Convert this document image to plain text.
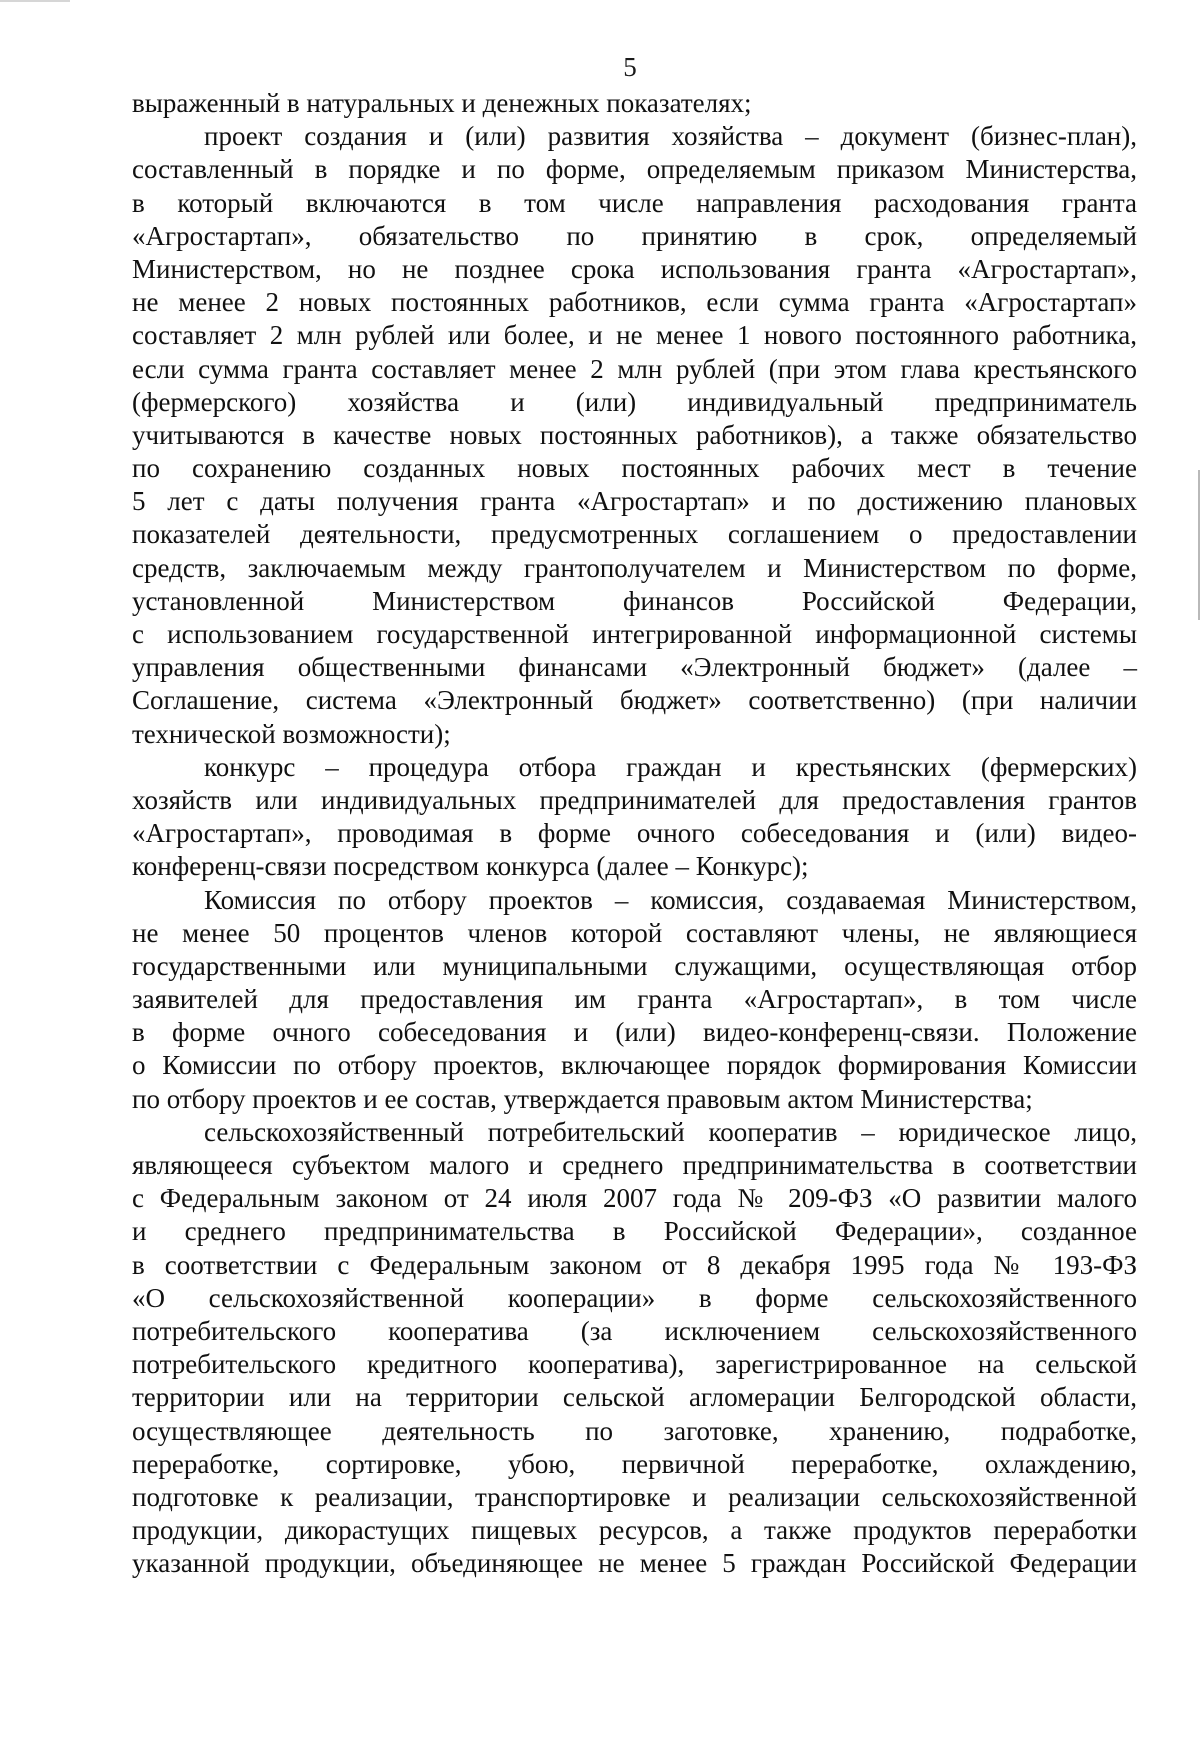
5
выраженный в натуральных и денежных показателях;
проект создания и (или) развития хозяйства – документ (бизнес-план),
составленный в порядке и по форме, определяемым приказом Министерства,
в который включаются в том числе направления расходования гранта
«Агростартап», обязательство по принятию в срок, определяемый
Министерством, но не позднее срока использования гранта «Агростартап»,
не менее 2 новых постоянных работников, если сумма гранта «Агростартап»
составляет 2 млн рублей или более, и не менее 1 нового постоянного работника,
если сумма гранта составляет менее 2 млн рублей (при этом глава крестьянского
(фермерского) хозяйства и (или) индивидуальный предприниматель
учитываются в качестве новых постоянных работников), а также обязательство
по сохранению созданных новых постоянных рабочих мест в течение
5 лет с даты получения гранта «Агростартап» и по достижению плановых
показателей деятельности, предусмотренных соглашением о предоставлении
средств, заключаемым между грантополучателем и Министерством по форме,
установленной Министерством финансов Российской Федерации,
с использованием государственной интегрированной информационной системы
управления общественными финансами «Электронный бюджет» (далее –
Соглашение, система «Электронный бюджет» соответственно) (при наличии
технической возможности);
конкурс – процедура отбора граждан и крестьянских (фермерских)
хозяйств или индивидуальных предпринимателей для предоставления грантов
«Агростартап», проводимая в форме очного собеседования и (или) видео-
конференц-связи посредством конкурса (далее – Конкурс);
Комиссия по отбору проектов – комиссия, создаваемая Министерством,
не менее 50 процентов членов которой составляют члены, не являющиеся
государственными или муниципальными служащими, осуществляющая отбор
заявителей для предоставления им гранта «Агростартап», в том числе
в форме очного собеседования и (или) видео-конференц-связи. Положение
о Комиссии по отбору проектов, включающее порядок формирования Комиссии
по отбору проектов и ее состав, утверждается правовым актом Министерства;
сельскохозяйственный потребительский кооператив – юридическое лицо,
являющееся субъектом малого и среднего предпринимательства в соответствии
с Федеральным законом от 24 июля 2007 года № 209-ФЗ «О развитии малого
и среднего предпринимательства в Российской Федерации», созданное
в соответствии с Федеральным законом от 8 декабря 1995 года № 193-ФЗ
«О сельскохозяйственной кооперации» в форме сельскохозяйственного
потребительского кооператива (за исключением сельскохозяйственного
потребительского кредитного кооператива), зарегистрированное на сельской
территории или на территории сельской агломерации Белгородской области,
осуществляющее деятельность по заготовке, хранению, подработке,
переработке, сортировке, убою, первичной переработке, охлаждению,
подготовке к реализации, транспортировке и реализации сельскохозяйственной
продукции, дикорастущих пищевых ресурсов, а также продуктов переработки
указанной продукции, объединяющее не менее 5 граждан Российской Федерации
